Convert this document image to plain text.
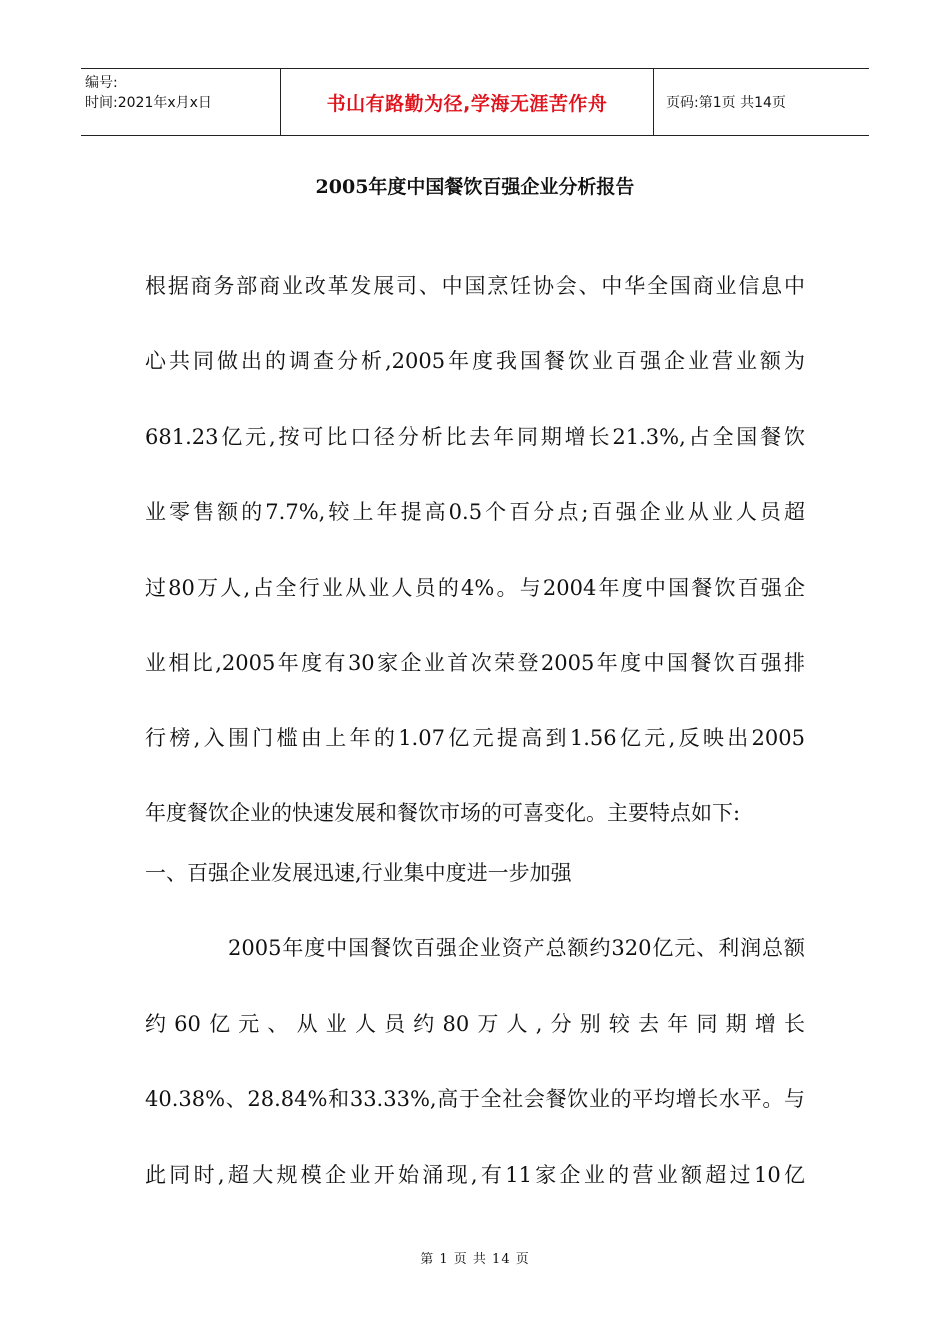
编号:
时间:2021年x月x日	书山有路勤为径,学海无涯苦作舟	页码:第1页 共14页
2005年度中国餐饮百强企业分析报告
根据商务部商业改革发展司、中国烹饪协会、中华全国商业信息中
心共同做出的调查分析,2005年度我国餐饮业百强企业营业额为
681.23亿元,按可比口径分析比去年同期增长21.3%,占全国餐饮
业零售额的7.7%,较上年提高0.5个百分点;百强企业从业人员超
过80万人,占全行业从业人员的4%。与2004年度中国餐饮百强企
业相比,2005年度有30家企业首次荣登2005年度中国餐饮百强排
行榜,入围门槛由上年的1.07亿元提高到1.56亿元,反映出2005
年度餐饮企业的快速发展和餐饮市场的可喜变化。主要特点如下:
一、百强企业发展迅速,行业集中度进一步加强
2005年度中国餐饮百强企业资产总额约320亿元、利润总额
约60亿元、从业人员约80万人,分别较去年同期增长
40.38%、28.84%和33.33%,高于全社会餐饮业的平均增长水平。与
此同时,超大规模企业开始涌现,有11家企业的营业额超过10亿
第 1 页 共 14 页
